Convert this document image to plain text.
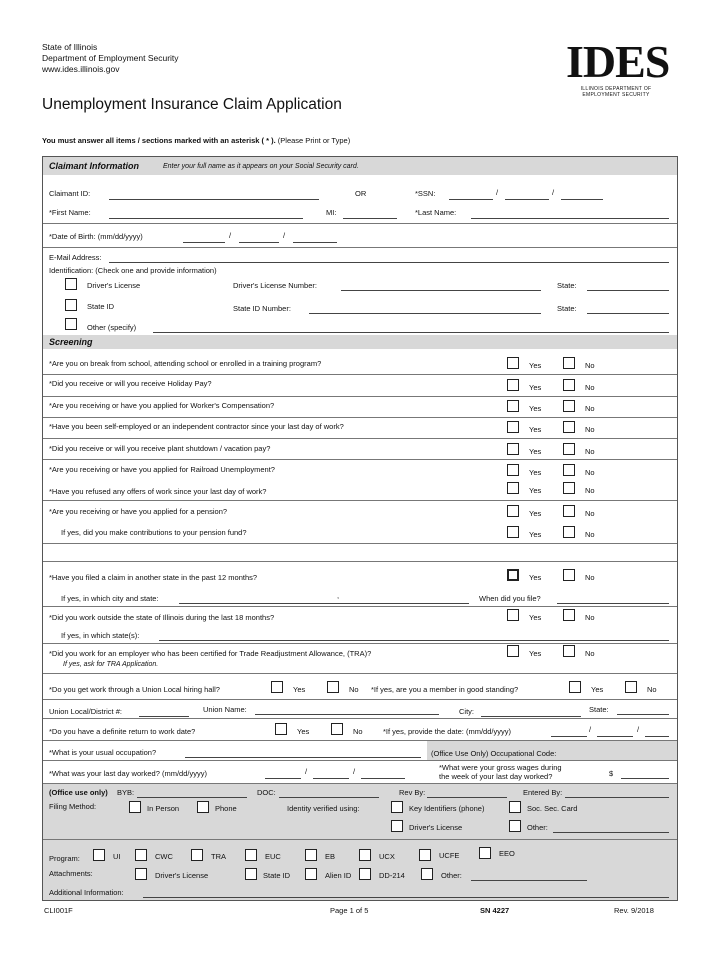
State of Illinois
Department of Employment Security
www.ides.illinois.gov	IDES
ILLINOIS DEPARTMENT OF
EMPLOYMENT SECURITY
Unemployment Insurance Claim Application
You must answer all items / sections marked with an asterisk ( * ). (Please Print or Type)
Claimant Information	Enter your full name as it appears on your Social Security card.
Claimant ID:	OR	*SSN:	/	/
*First Name:	MI:	*Last Name:
*Date of Birth: (mm/dd/yyyy)	/	/
E-Mail Address:
Identification: (Check one and provide information)
Driver's License	Driver's License Number:	State:
State ID	State ID Number:	State:
Other (specify)
Screening
*Are you on break from school, attending school or enrolled in a training program?	Yes	No
*Did you receive or will you receive Holiday Pay?	Yes	No
*Are you receiving or have you applied for Worker's Compensation?	Yes	No
*Have you been self-employed or an independent contractor since your last day of work?	Yes	No
*Did you receive or will you receive plant shutdown / vacation pay?	Yes	No
*Are you receiving or have you applied for Railroad Unemployment?	Yes	No
*Have you refused any offers of work since your last day of work?	Yes	No
*Are you receiving or have you applied for a pension?	Yes	No
If yes, did you make contributions to your pension fund?	Yes	No
*Have you filed a claim in another state in the past 12 months?	Yes	No
If yes, in which city and state:	,	When did you file?
*Did you work outside the state of Illinois during the last 18 months?	Yes	No
If yes, in which state(s):
*Did you work for an employer who has been certified for Trade Readjustment Allowance, (TRA)?	Yes	No
If yes, ask for TRA Application.
*Do you get work through a Union Local hiring hall?	Yes	No *If yes, are you a member in good standing?	Yes	No
Union Local/District #:	Union Name:	City:	State:
*Do you have a definite return to work date?	Yes	No	*If yes, provide the date: (mm/dd/yyyy)	/	/
*What is your usual occupation?	(Office Use Only) Occupational Code:
*What was your last day worked? (mm/dd/yyyy)	/	/	*What were your gross wages during
the week of your last day worked?	$
(Office use only) BYB:	DOC:	Rev By:	Entered By:
Filing Method:	In Person	Phone	Identity verified using:	Key Identifiers (phone)	Soc. Sec. Card
Driver's License	Other:
Program:	UI	CWC	TRA	EUC	EB	UCX	UCFE	EEO
Attachments:	Driver's License	State ID	Alien ID	DD-214	Other:
Additional Information:
CLI001F	Page 1 of 5	SN 4227	Rev. 9/2018
